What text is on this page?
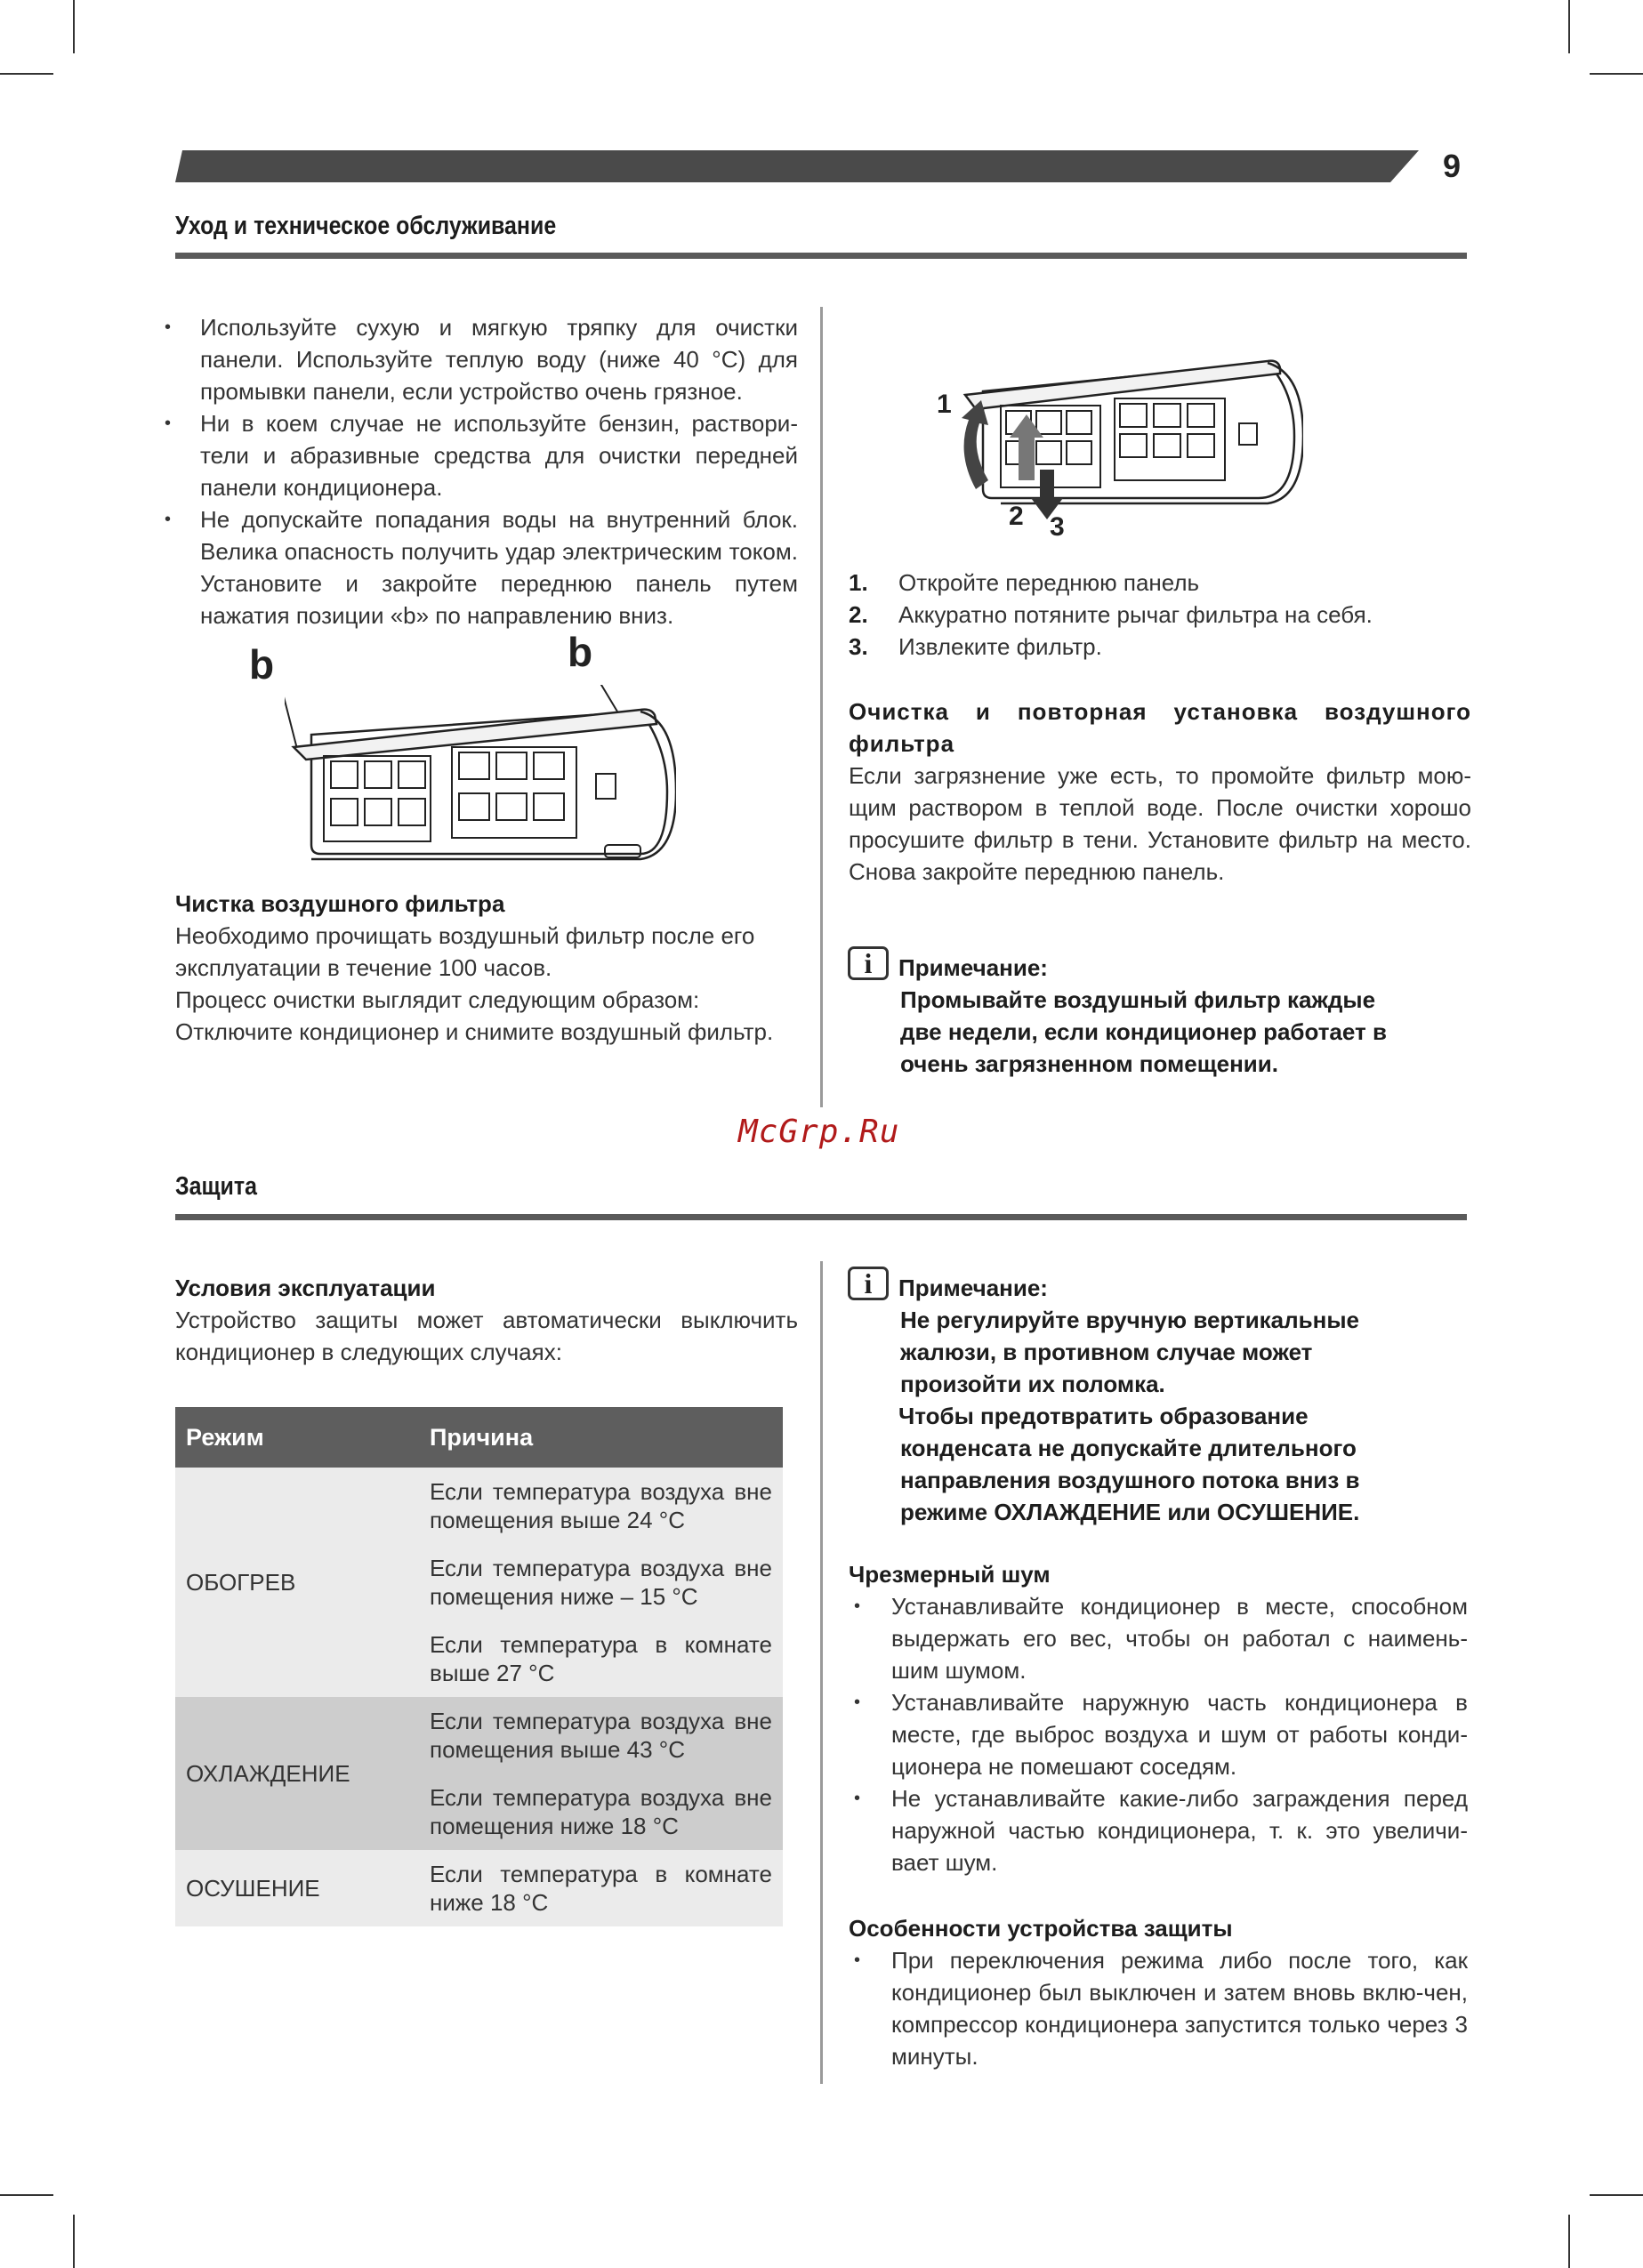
9
Уход и техническое обслуживание
• Используйте сухую и мягкую тряпку для очистки панели. Используйте теплую воду (ниже 40 °C) для промывки панели, если устройство очень грязное.
• Ни в коем случае не используйте бензин, раствори-тели и абразивные средства для очистки передней панели кондиционера.
• Не допускайте попадания воды на внутренний блок. Велика опасность получить удар электрическим током. Установите и закройте переднюю панель путем нажатия позиции «b» по направлению вниз.
b	b
Чистка воздушного фильтра
Необходимо прочищать воздушный фильтр после его эксплуатации в течение 100 часов.
Процесс очистки выглядит следующим образом:
Отключите кондиционер и снимите воздушный фильтр.
1
2 3
1. Откройте переднюю панель
2. Аккуратно потяните рычаг фильтра на себя.
3. Извлеките фильтр.
Очистка и повторная установка воздушного фильтра
Если загрязнение уже есть, то промойте фильтр мою-щим раствором в теплой воде. После очистки хорошо просушите фильтр в тени. Установите фильтр на место. Снова закройте переднюю панель.
i	Примечание:
Промывайте воздушный фильтр каждые
две недели, если кондиционер работает в
очень загрязненном помещении.
McGrp.Ru
Защита
Условия эксплуатации
Устройство защиты может автоматически выключить кондиционер в следующих случаях:
Режим	Причина
ОБОГРЕВ	Если температура воздуха вне помещения выше 24 °C
	Если температура воздуха вне помещения ниже – 15 °C
	Если температура в комнате выше 27 °C
ОХЛАЖДЕНИЕ	Если температура воздуха вне помещения выше 43 °C
	Если температура воздуха вне помещения ниже 18 °C
ОСУШЕНИЕ	Если температура в комнате ниже 18 °C
i	Примечание:
Не регулируйте вручную вертикальные
жалюзи, в противном случае может
произойти их поломка.
Чтобы предотвратить образование
конденсата не допускайте длительного
направления воздушного потока вниз в
режиме ОХЛАЖДЕНИЕ или ОСУШЕНИЕ.
Чрезмерный шум
• Устанавливайте кондиционер в месте, способном выдержать его вес, чтобы он работал с наимень-шим шумом.
• Устанавливайте наружную часть кондиционера в месте, где выброс воздуха и шум от работы конди-ционера не помешают соседям.
• Не устанавливайте какие-либо заграждения перед наружной частью кондиционера, т. к. это увеличи-вает шум.
Особенности устройства защиты
• При переключения режима либо после того, как кондиционер был выключен и затем вновь вклю-чен, компрессор кондиционера запустится только через 3 минуты.
